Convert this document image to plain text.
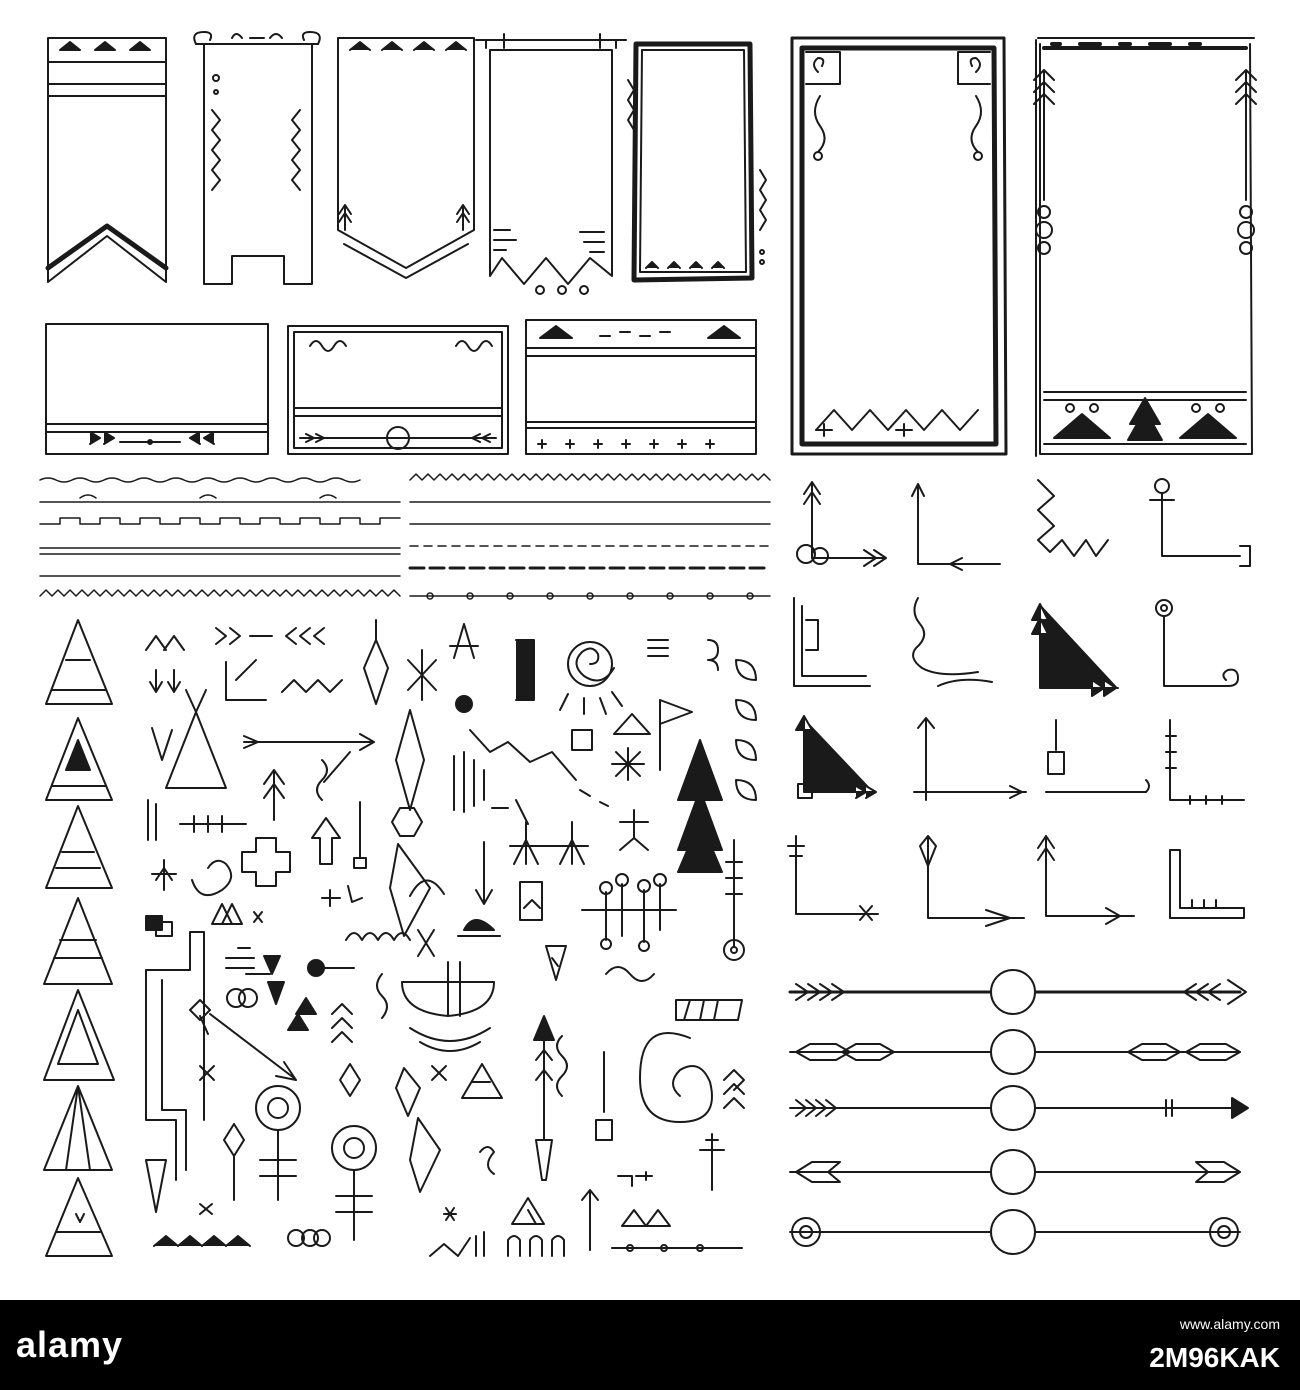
alamy	www.alamy.com
2M96KAK
